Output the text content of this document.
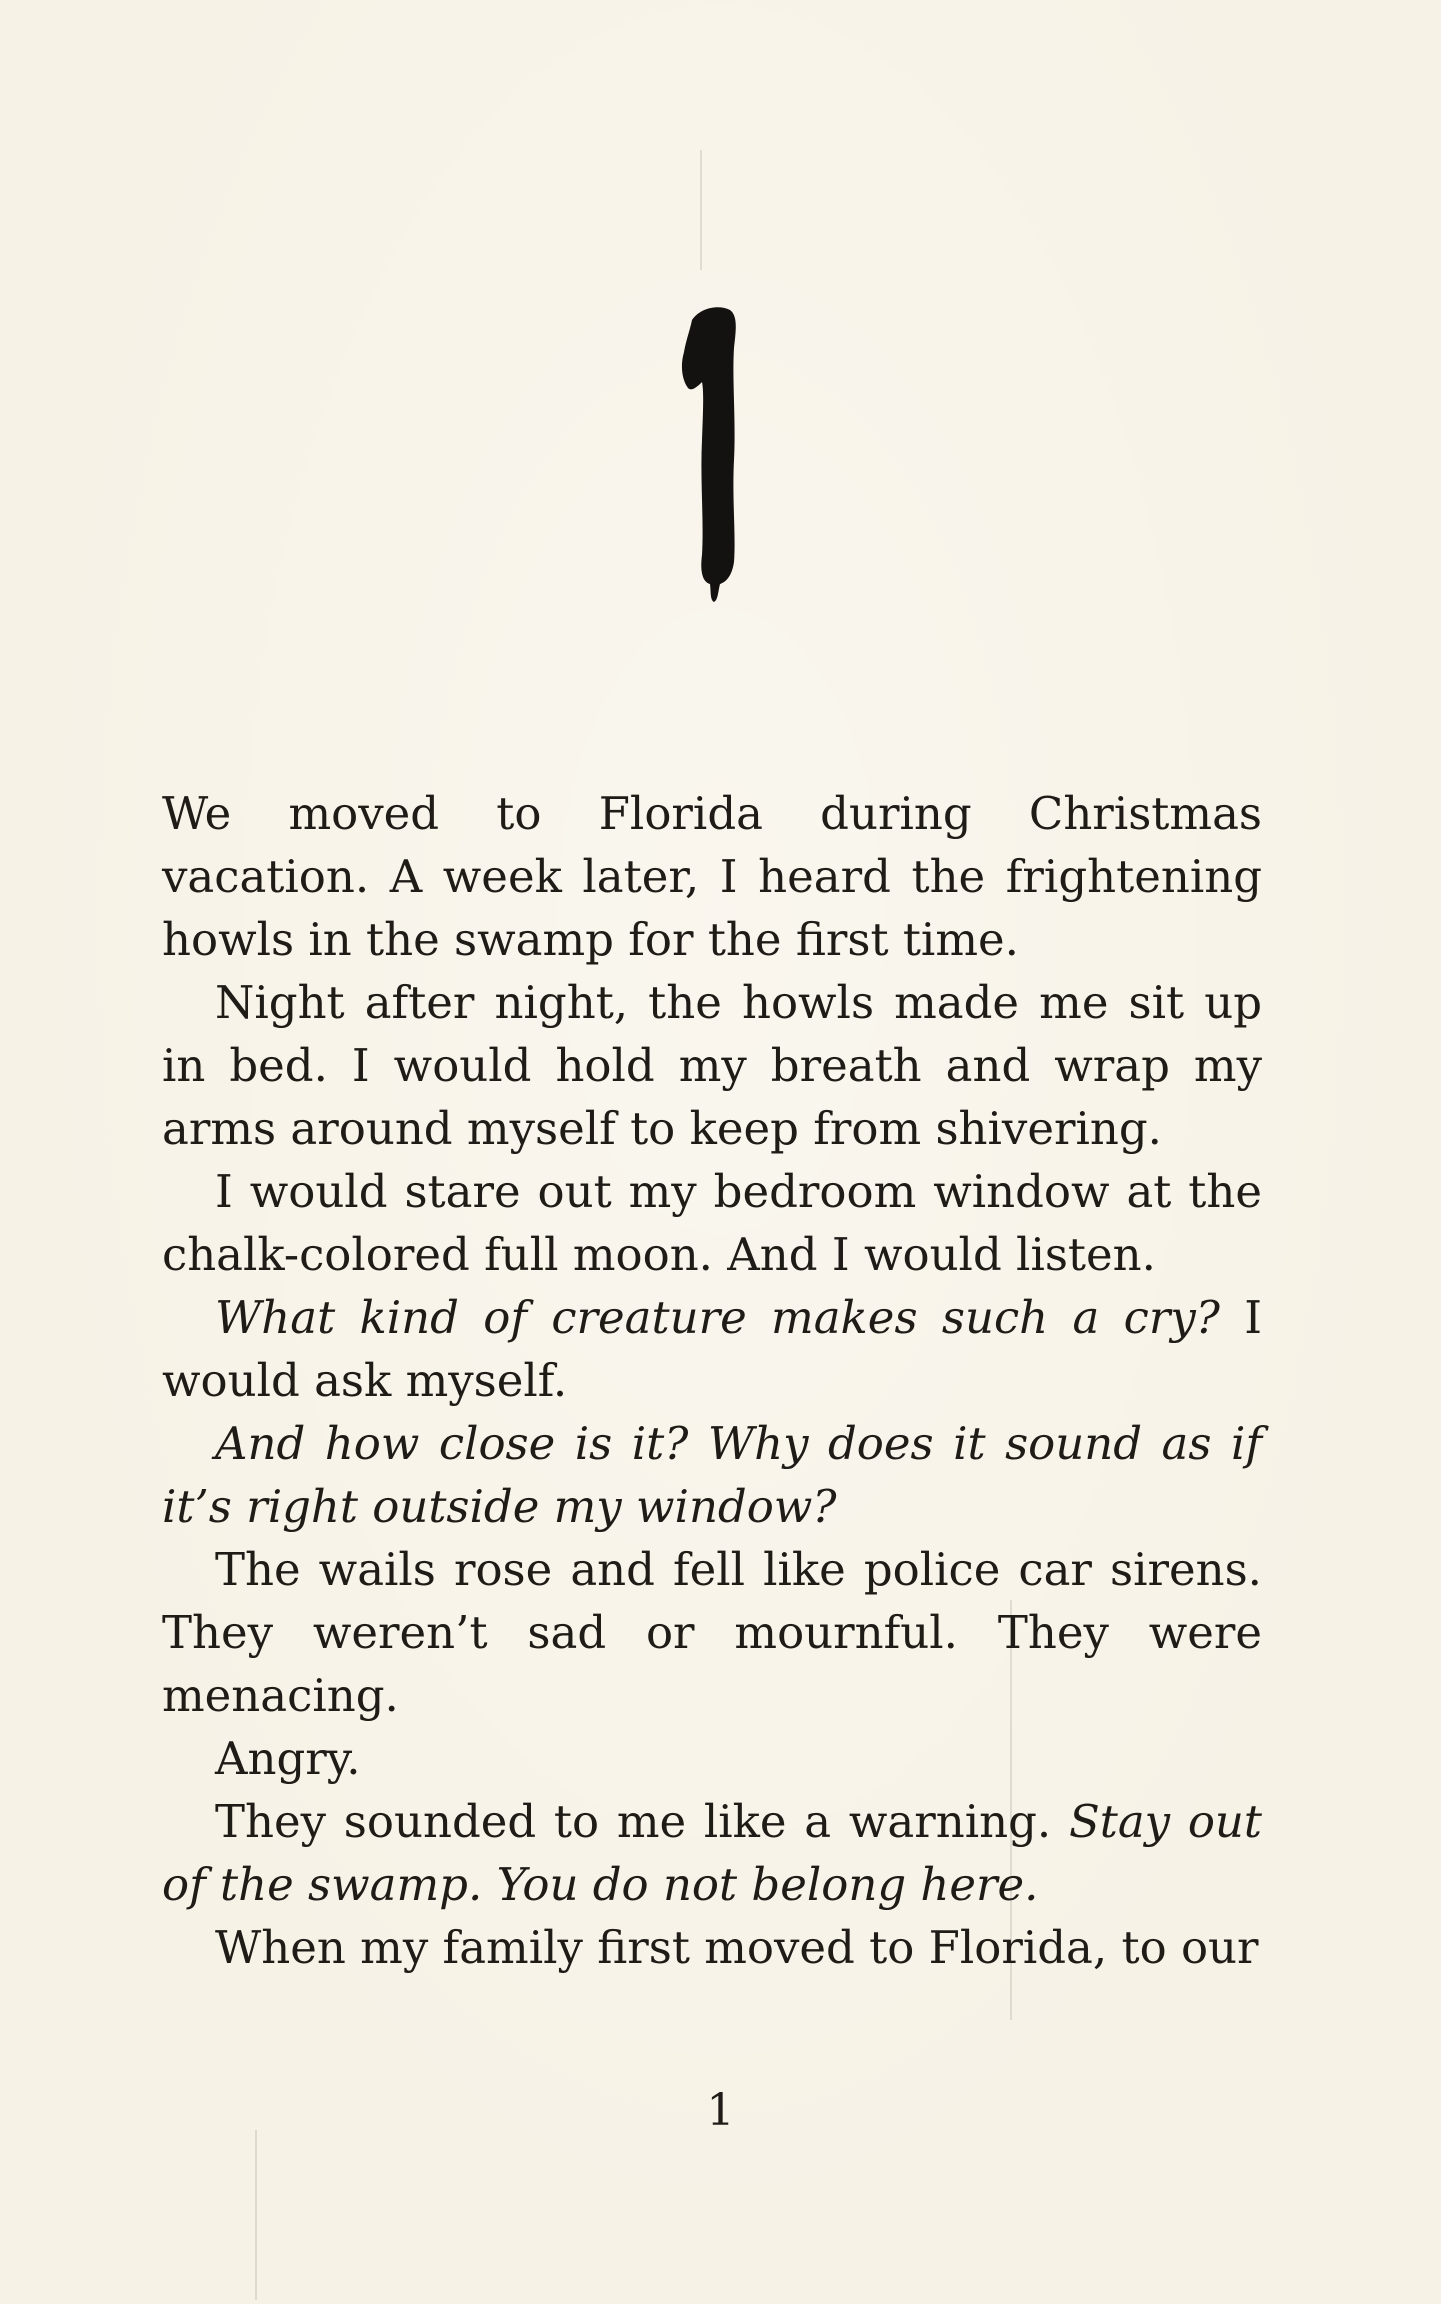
We moved to Florida during Christmas vacation. A week later, I heard the frightening howls in the swamp for the first time.

Night after night, the howls made me sit up in bed. I would hold my breath and wrap my arms around myself to keep from shivering.

I would stare out my bedroom window at the chalk-colored full moon. And I would listen.

What kind of creature makes such a cry? I would ask myself.

And how close is it? Why does it sound as if it’s right outside my window?

The wails rose and fell like police car sirens. They weren’t sad or mournful. They were menacing.

Angry.

They sounded to me like a warning. Stay out of the swamp. You do not belong here.

When my family first moved to Florida, to our

1
